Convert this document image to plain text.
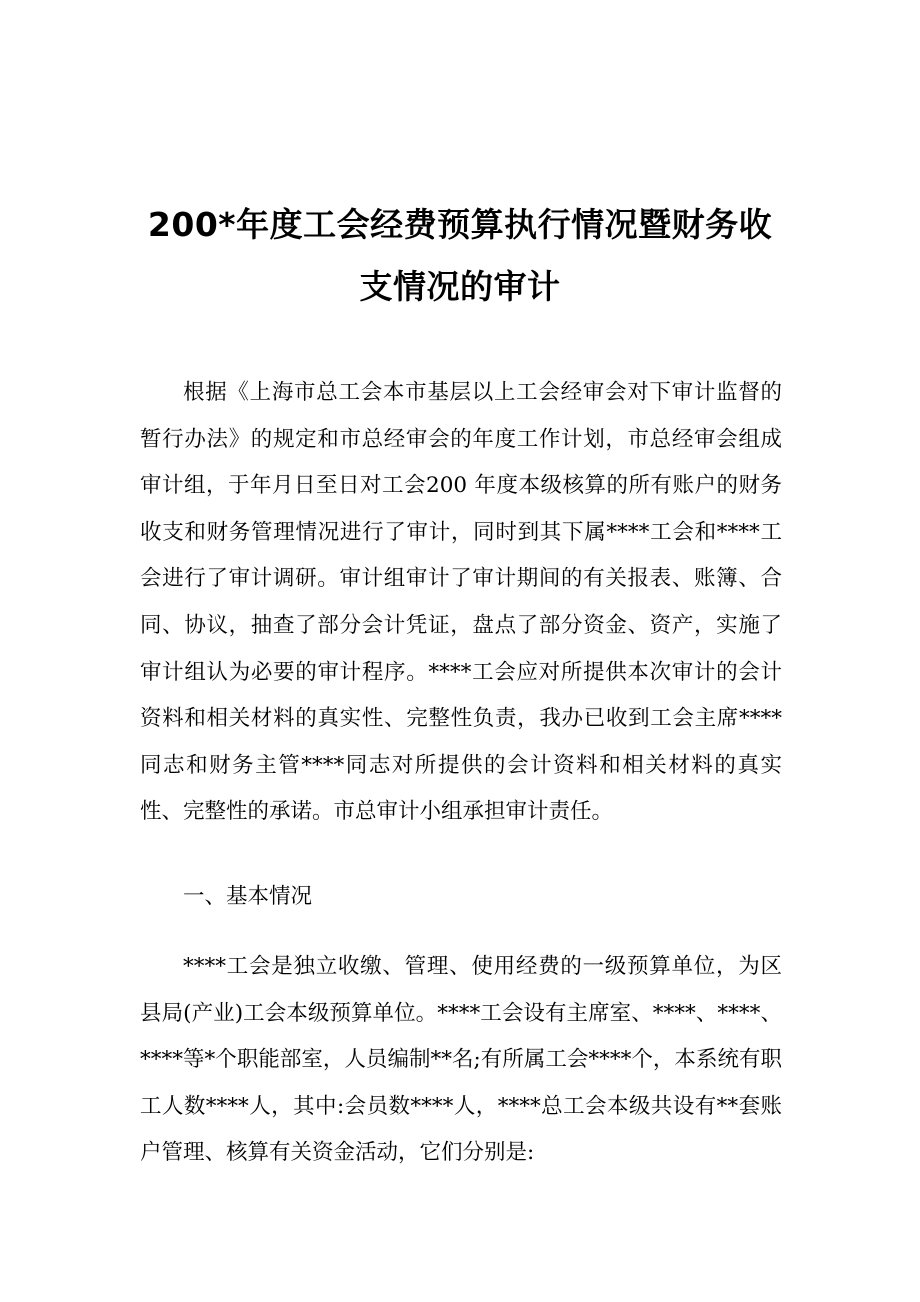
200*年度工会经费预算执行情况暨财务收
支情况的审计

根据《上海市总工会本市基层以上工会经审会对下审计监督的暂行办法》的规定和市总经审会的年度工作计划，市总经审会组成审计组，于年月日至日对工会200 年度本级核算的所有账户的财务收支和财务管理情况进行了审计，同时到其下属****工会和****工会进行了审计调研。审计组审计了审计期间的有关报表、账簿、合同、协议，抽查了部分会计凭证，盘点了部分资金、资产，实施了审计组认为必要的审计程序。****工会应对所提供本次审计的会计资料和相关材料的真实性、完整性负责，我办已收到工会主席****同志和财务主管****同志对所提供的会计资料和相关材料的真实性、完整性的承诺。市总审计小组承担审计责任。

一、基本情况

****工会是独立收缴、管理、使用经费的一级预算单位，为区县局(产业)工会本级预算单位。****工会设有主席室、****、****、****等*个职能部室，人员编制**名;有所属工会****个，本系统有职工人数****人，其中:会员数****人，****总工会本级共设有**套账户管理、核算有关资金活动，它们分别是:
